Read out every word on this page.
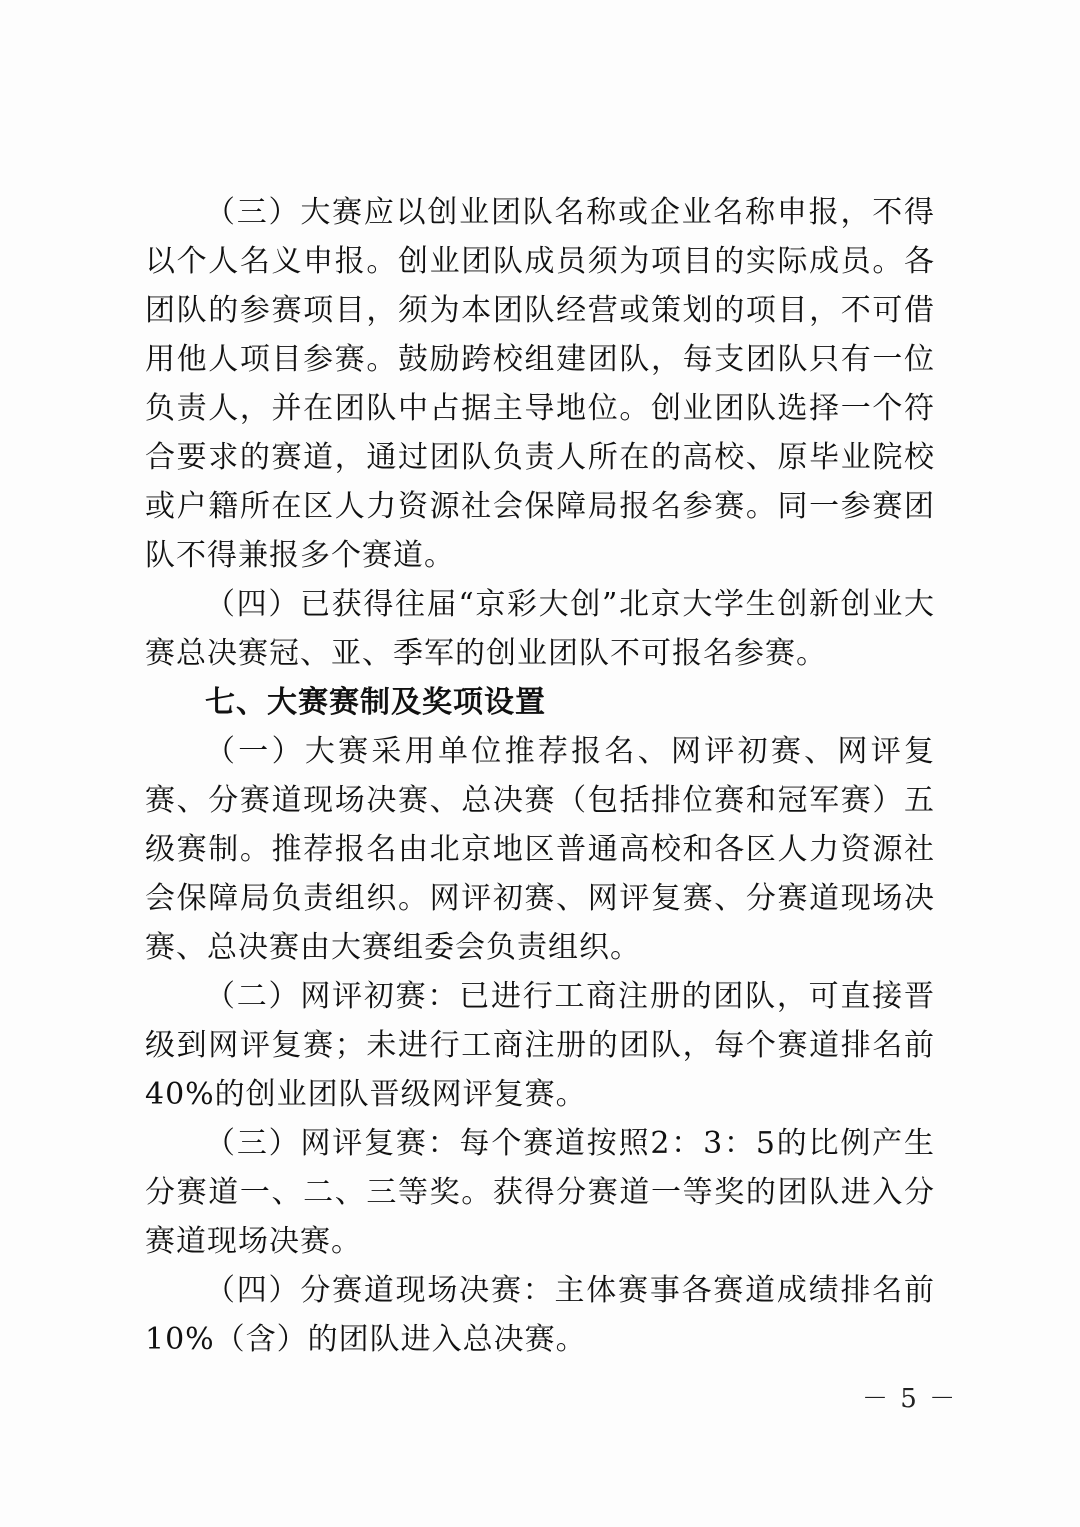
（三）大赛应以创业团队名称或企业名称申报，不得以个人名义申报。创业团队成员须为项目的实际成员。各团队的参赛项目，须为本团队经营或策划的项目，不可借用他人项目参赛。鼓励跨校组建团队，每支团队只有一位负责人，并在团队中占据主导地位。创业团队选择一个符合要求的赛道，通过团队负责人所在的高校、原毕业院校或户籍所在区人力资源社会保障局报名参赛。同一参赛团队不得兼报多个赛道。

（四）已获得往届“京彩大创”北京大学生创新创业大赛总决赛冠、亚、季军的创业团队不可报名参赛。

七、大赛赛制及奖项设置

（一）大赛采用单位推荐报名、网评初赛、网评复赛、分赛道现场决赛、总决赛（包括排位赛和冠军赛）五级赛制。推荐报名由北京地区普通高校和各区人力资源社会保障局负责组织。网评初赛、网评复赛、分赛道现场决赛、总决赛由大赛组委会负责组织。

（二）网评初赛：已进行工商注册的团队，可直接晋级到网评复赛；未进行工商注册的团队，每个赛道排名前40%的创业团队晋级网评复赛。

（三）网评复赛：每个赛道按照2：3：5的比例产生分赛道一、二、三等奖。获得分赛道一等奖的团队进入分赛道现场决赛。

（四）分赛道现场决赛：主体赛事各赛道成绩排名前10%（含）的团队进入总决赛。

－ 5 －
